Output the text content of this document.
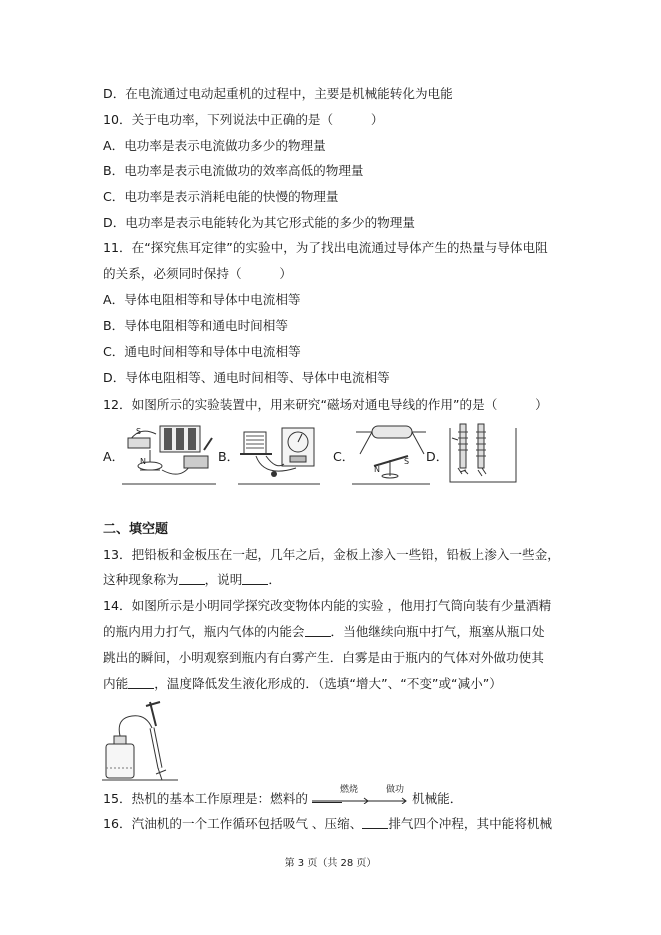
D．在电流通过电动起重机的过程中，主要是机械能转化为电能
10．关于电功率，下列说法中正确的是（　　　）
A．电功率是表示电流做功多少的物理量
B．电功率是表示电流做功的效率高低的物理量
C．电功率是表示消耗电能的快慢的物理量
D．电功率是表示电能转化为其它形式能的多少的物理量
11．在“探究焦耳定律”的实验中，为了找出电流通过导体产生的热量与导体电阻
的关系，必须同时保持（　　　）
A．导体电阻相等和导体中电流相等
B．导体电阻相等和通电时间相等
C．通电时间相等和导体中电流相等
D．导体电阻相等、通电时间相等、导体中电流相等
12．如图所示的实验装置中，用来研究“磁场对通电导线的作用”的是（　　　）
A．	B．	C．	D．
S
N
N
S
二、填空题
13．把铅板和金板压在一起，几年之后，金板上渗入一些铅，铅板上渗入一些金，
这种现象称为 ，说明 ．
14．如图所示是小明同学探究改变物体内能的实验 ，他用打气筒向装有少量酒精
的瓶内用力打气，瓶内气体的内能会 ．当他继续向瓶中打气，瓶塞从瓶口处
跳出的瞬间，小明观察到瓶内有白雾产生．白雾是由于瓶内的气体对外做功使其
内能 ，温度降低发生液化形成的．（选填“增大”、“不变”或“减小”）
15．热机的基本工作原理是：燃料的
燃烧	做功
机械能．
16．汽油机的一个工作循环包括吸气 、压缩、 排气四个冲程，其中能将机械
第 3 页（共 28 页）
